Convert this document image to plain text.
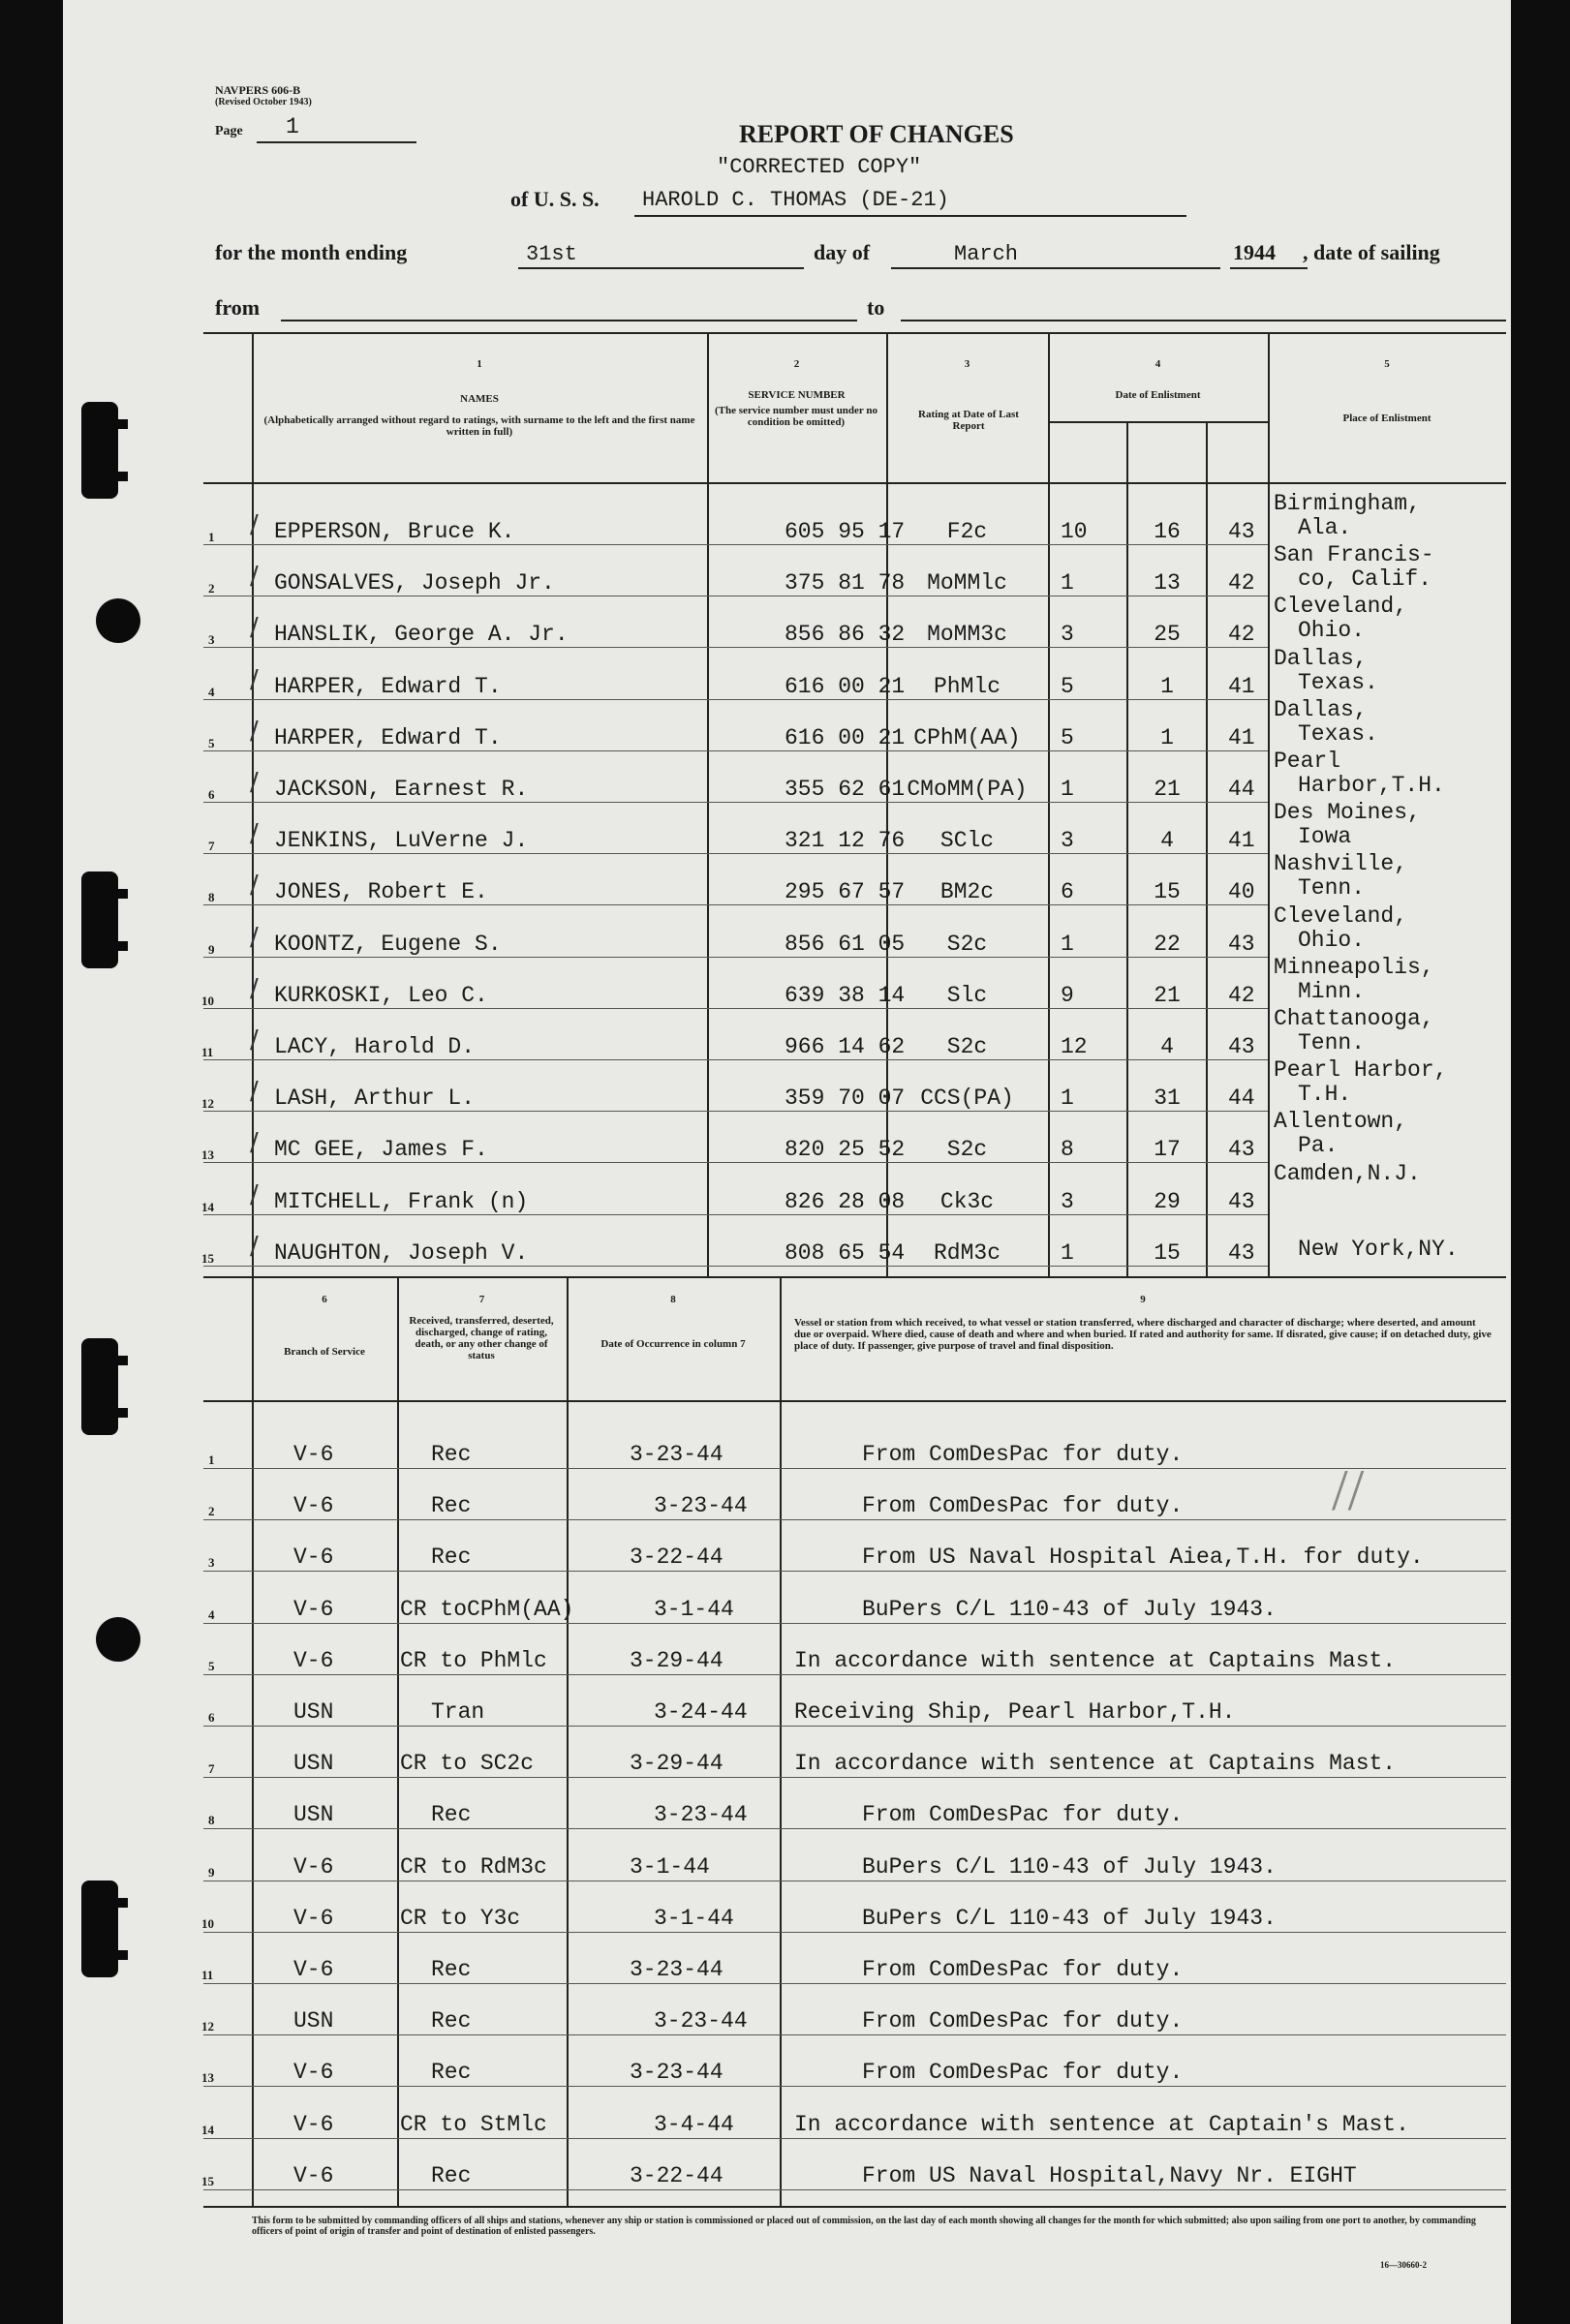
NAVPERS 606-B
(Revised October 1943)
Page 1	REPORT OF CHANGES
"CORRECTED COPY"
of U. S. S. HAROLD C. THOMAS (DE-21)
for the month ending	31st	day of	March	1944 , date of sailing
from	to
1
NAMES
(Alphabetically arranged without regard to ratings, with surname to the left and the first name written in full)
2
SERVICE NUMBER
(The service number must under no condition be omitted)
3
Rating at Date of Last Report
4
Date of Enlistment
5
Place of Enlistment
1 / EPPERSON, Bruce K.	605 95 17	F2c	10	16	43
Birmingham,
Ala.
2 / GONSALVES, Joseph Jr.	375 81 78 MoMMlc	1	13	42
San Francis-
co, Calif.
3 / HANSLIK, George A. Jr.	856 86 32 MoMM3c	3	25	42
Cleveland,
Ohio.
4 / HARPER, Edward T.	616 00 21	PhMlc	5	1	41
Dallas,
Texas.
5 / HARPER, Edward T.	616 00 21 CPhM(AA)	5	1	41
Dallas,
Texas.
6 / JACKSON, Earnest R.	355 62 61 CMoMM(PA)	1	21	44
Pearl
Harbor,T.H.
7 / JENKINS, LuVerne J.	321 12 76	SClc	3	4	41
Des Moines,
Iowa
8 / JONES, Robert E.	295 67 57	BM2c	6	15	40
Nashville,
Tenn.
9 / KOONTZ, Eugene S.	856 61 05	S2c	1	22	43
Cleveland,
Ohio.
10 / KURKOSKI, Leo C.	639 38 14	Slc	9	21	42
Minneapolis,
Minn.
11 / LACY, Harold D.	966 14 62	S2c	12	4	43
Chattanooga,
Tenn.
12 / LASH, Arthur L.	359 70 07 CCS(PA)	1	31	44
Pearl Harbor,
T.H.
13 / MC GEE, James F.	820 25 52	S2c	8	17	43
Allentown,
Pa.
14 / MITCHELL, Frank (n)	826 28 08	Ck3c	3	29	43
Camden,N.J.
15 / NAUGHTON, Joseph V.	808 65 54	RdM3c	1	15	43 New York,NY.
6
Branch of Service
7
Received, transferred, deserted, discharged, change of rating, death, or any other change of status
8
Date of Occurrence in column 7
9
Vessel or station from which received, to what vessel or station transferred, where discharged and character of discharge; where deserted, and amount due or overpaid. Where died, cause of death and where and when buried. If rated and authority for same. If disrated, give cause; if on detached duty, give place of duty. If passenger, give purpose of travel and final disposition.
1	V-6	Rec	3-23-44	From ComDesPac for duty.
2	V-6	Rec	3-23-44	From ComDesPac for duty.
3	V-6	Rec	3-22-44	From US Naval Hospital Aiea,T.H. for duty.
4	V-6	CR toCPhM(AA)	3-1-44	BuPers C/L 110-43 of July 1943.
5	V-6	CR to PhMlc	3-29-44	In accordance with sentence at Captains Mast.
6	USN	Tran	3-24-44 Receiving Ship, Pearl Harbor,T.H.
7	USN	CR to SC2c	3-29-44	In accordance with sentence at Captains Mast.
8	USN	Rec	3-23-44	From ComDesPac for duty.
9	V-6	CR to RdM3c	3-1-44	BuPers C/L 110-43 of July 1943.
10	V-6	CR to Y3c	3-1-44	BuPers C/L 110-43 of July 1943.
11	V-6	Rec	3-23-44	From ComDesPac for duty.
12	USN	Rec	3-23-44	From ComDesPac for duty.
13	V-6	Rec	3-23-44	From ComDesPac for duty.
14	V-6	CR to StMlc	3-4-44	In accordance with sentence at Captain's Mast.
15	V-6	Rec	3-22-44	From US Naval Hospital,Navy Nr. EIGHT
This form to be submitted by commanding officers of all ships and stations, whenever any ship or station is commissioned or placed out of commission, on the last day of each month showing all changes for the month for which submitted; also upon sailing from one port to another, by commanding officers of point of origin of transfer and point of destination of enlisted passengers.
16—30660-2
//
